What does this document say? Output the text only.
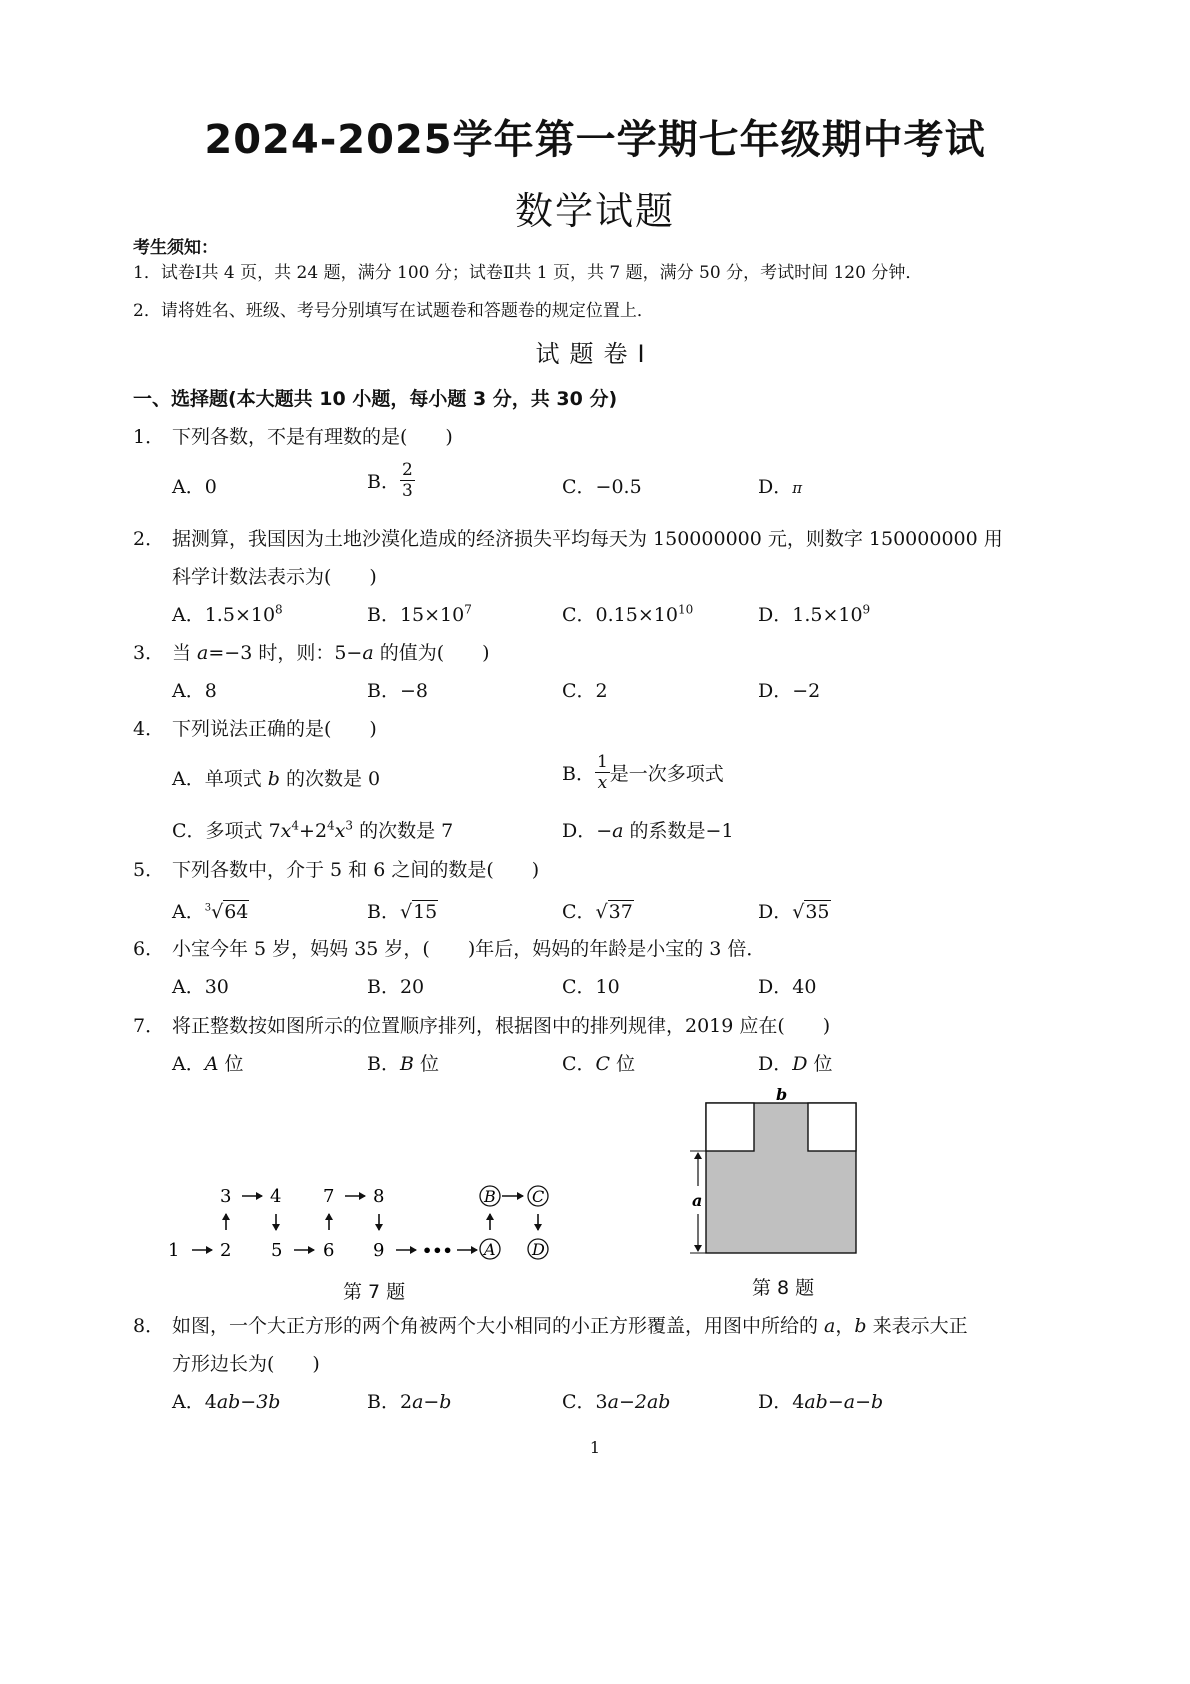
2024-2025学年第一学期七年级期中考试
数学试题
考生须知：
1．试卷Ⅰ共 4 页，共 24 题，满分 100 分；试卷Ⅱ共 1 页，共 7 题，满分 50 分，考试时间 120 分钟．
2．请将姓名、班级、考号分别填写在试题卷和答题卷的规定位置上．
试题卷Ⅰ
一、选择题(本大题共 10 小题，每小题 3 分，共 30 分)
1． 下列各数，不是有理数的是(　　)
A．0	B． $\frac{2}{3}$	C．−0.5	D．π
2． 据测算，我国因为土地沙漠化造成的经济损失平均每天为 150000000 元，则数字 150000000 用
科学计数法表示为(　　)
A．$1.5\times 10^8$	B．$15\times 10^7$	C．$0.15\times 10^{10}$	D．$1.5\times 10^9$
3． 当 a=−3 时，则：5−a 的值为(　　)
A．8	B．−8	C．2	D．−2
4． 下列说法正确的是(　　)
A．单项式 b 的次数是 0	B． $\frac{1}{x}$ 是一次多项式
C．多项式 $7x^4+2^4x^3$ 的次数是 7	D．−a 的系数是−1
5． 下列各数中，介于 5 和 6 之间的数是(　　)
A．$^3$√64	B．√15	C．√37	D．√35
6． 小宝今年 5 岁，妈妈 35 岁，(　　)年后，妈妈的年龄是小宝的 3 倍．
A．30	B．20	C．10	D．40
7． 将正整数按如图所示的位置顺序排列，根据图中的排列规律，2019 应在(　　)
A．A 位	B．B 位	C．C 位	D．D 位
1 2 5 6 9 •••
3 4 7 8
A
B C
D
第 7 题
a
b
第 8 题
8． 如图，一个大正方形的两个角被两个大小相同的小正方形覆盖，用图中所给的 a，b 来表示大正
方形边长为(　　)
A．4ab−3b	B．2a−b	C．3a−2ab	D．4ab−a−b
1
